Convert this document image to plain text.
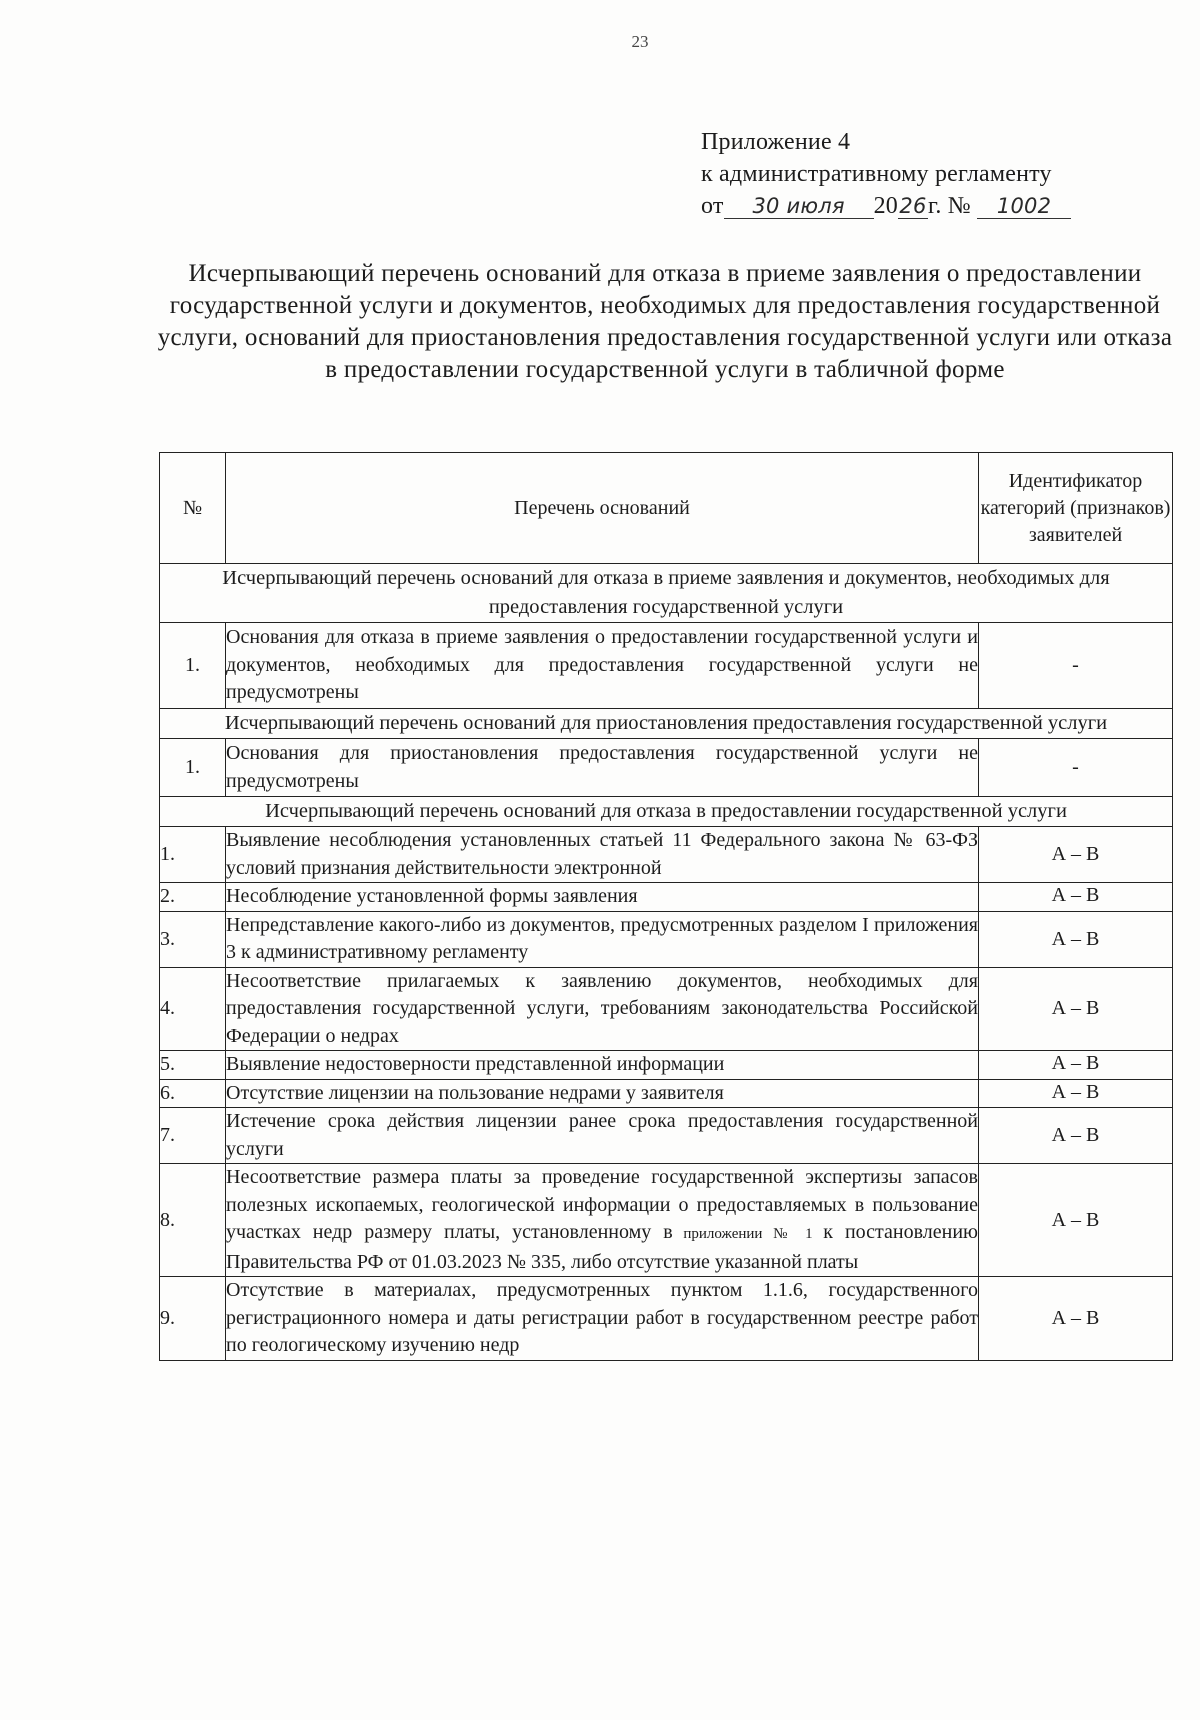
23
Приложение 4
к административному регламенту
от 30 июля 2026г. № 1002
Исчерпывающий перечень оснований для отказа в приеме заявления о предоставлении государственной услуги и документов, необходимых для предоставления государственной услуги, оснований для приостановления предоставления государственной услуги или отказа в предоставлении государственной услуги в табличной форме
№	Перечень оснований	Идентификатор категорий (признаков) заявителей
Исчерпывающий перечень оснований для отказа в приеме заявления и документов, необходимых для предоставления государственной услуги		
1.	Основания для отказа в приеме заявления о предоставлении государственной услуги и документов, необходимых для предоставления государственной услуги не предусмотрены	-
Исчерпывающий перечень оснований для приостановления предоставления государственной услуги		
1.	Основания для приостановления предоставления государственной услуги не предусмотрены	-
Исчерпывающий перечень оснований для отказа в предоставлении государственной услуги		
1.	Выявление несоблюдения установленных статьей 11 Федерального закона № 63-ФЗ условий признания действительности электронной	А – В
2.	Несоблюдение установленной формы заявления	А – В
3.	Непредставление какого-либо из документов, предусмотренных разделом I приложения 3 к административному регламенту	А – В
4.	Несоответствие прилагаемых к заявлению документов, необходимых для предоставления государственной услуги, требованиям законодательства Российской Федерации о недрах	А – В
5.	Выявление недостоверности представленной информации	А – В
6.	Отсутствие лицензии на пользование недрами у заявителя	А – В
7.	Истечение срока действия лицензии ранее срока предоставления государственной услуги	А – В
8.	Несоответствие размера платы за проведение государственной экспертизы запасов полезных ископаемых, геологической информации о предоставляемых в пользование участках недр размеру платы, установленному в приложении № 1 к постановлению Правительства РФ от 01.03.2023 № 335, либо отсутствие указанной платы	А – В
9.	Отсутствие в материалах, предусмотренных пунктом 1.1.6, государственного регистрационного номера и даты регистрации работ в государственном реестре работ по геологическому изучению недр	А – В
